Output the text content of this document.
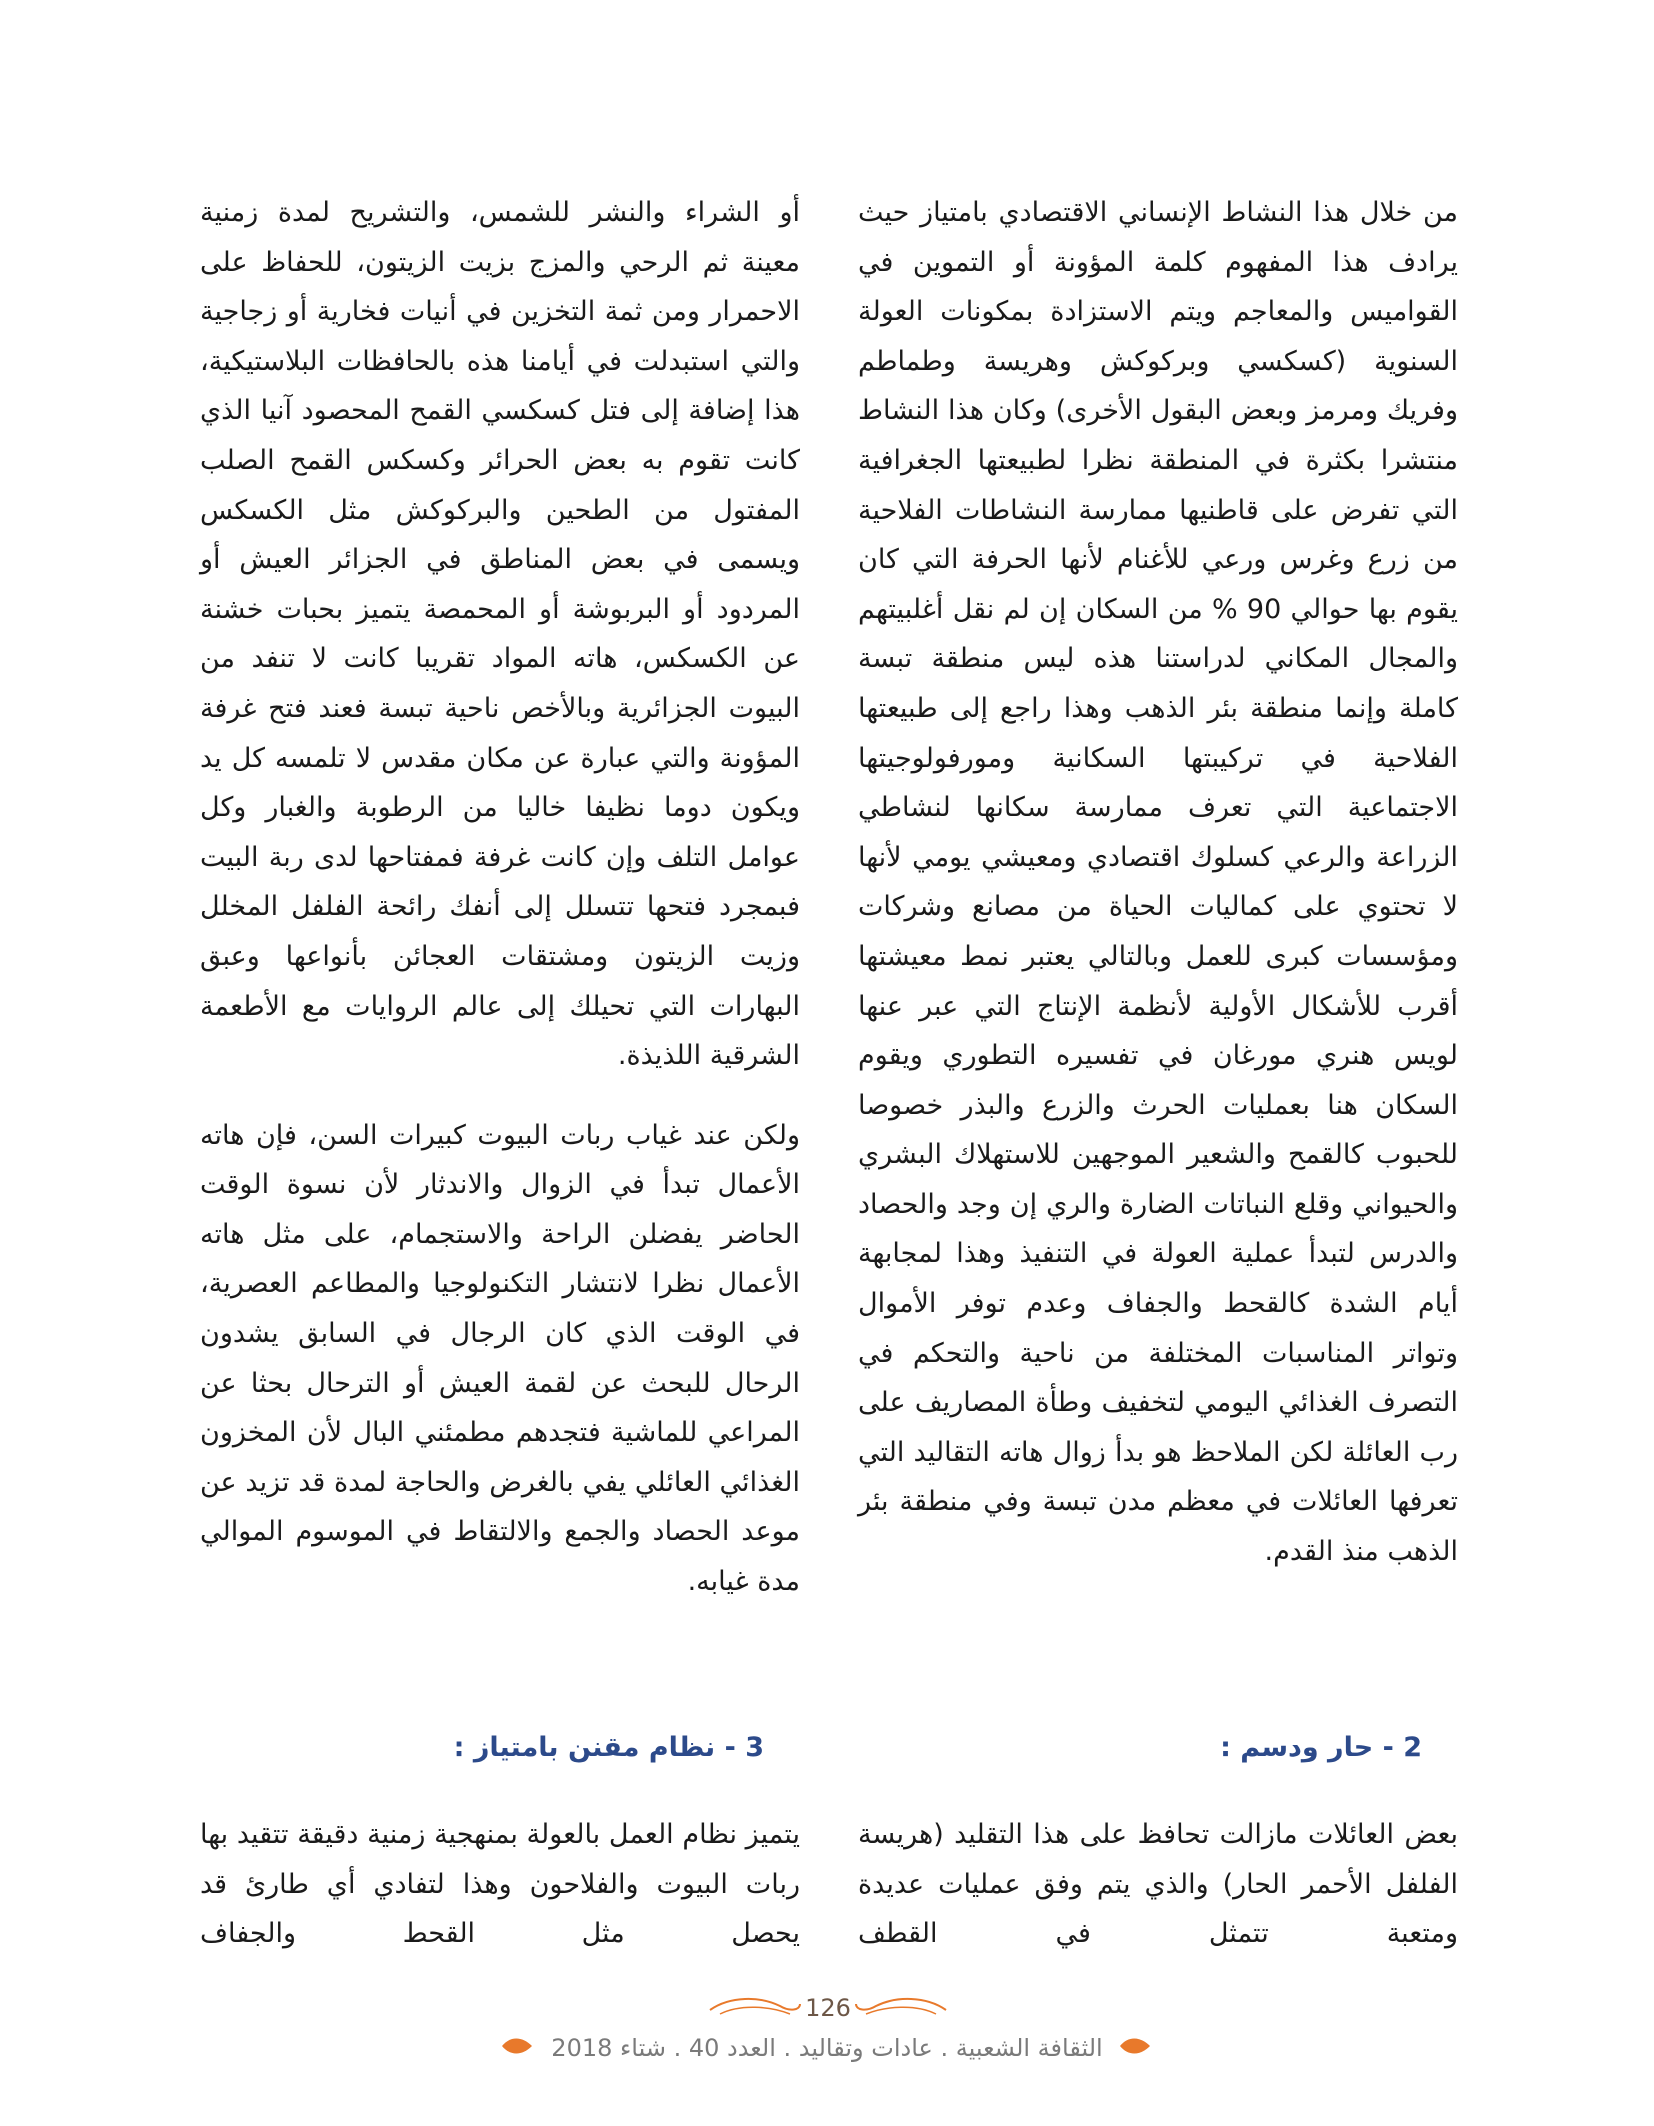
من خلال هذا النشاط الإنساني الاقتصادي بامتياز حيث يرادف هذا المفهوم كلمة المؤونة أو التموين في القواميس والمعاجم ويتم الاستزادة بمكونات العولة السنوية (كسكسي وبركوكش وهريسة وطماطم وفريك ومرمز وبعض البقول الأخرى) وكان هذا النشاط منتشرا بكثرة في المنطقة نظرا لطبيعتها الجغرافية التي تفرض على قاطنيها ممارسة النشاطات الفلاحية من زرع وغرس ورعي للأغنام لأنها الحرفة التي كان يقوم بها حوالي 90 % من السكان إن لم نقل أغلبيتهم والمجال المكاني لدراستنا هذه ليس منطقة تبسة كاملة وإنما منطقة بئر الذهب وهذا راجع إلى طبيعتها الفلاحية في تركيبتها السكانية ومورفولوجيتها الاجتماعية التي تعرف ممارسة سكانها لنشاطي الزراعة والرعي كسلوك اقتصادي ومعيشي يومي لأنها لا تحتوي على كماليات الحياة من مصانع وشركات ومؤسسات كبرى للعمل وبالتالي يعتبر نمط معيشتها أقرب للأشكال الأولية لأنظمة الإنتاج التي عبر عنها لويس هنري مورغان في تفسيره التطوري ويقوم السكان هنا بعمليات الحرث والزرع والبذر خصوصا للحبوب كالقمح والشعير الموجهين للاستهلاك البشري والحيواني وقلع النباتات الضارة والري إن وجد والحصاد والدرس لتبدأ عملية العولة في التنفيذ وهذا لمجابهة أيام الشدة كالقحط والجفاف وعدم توفر الأموال وتواتر المناسبات المختلفة من ناحية والتحكم في التصرف الغذائي اليومي لتخفيف وطأة المصاريف على رب العائلة لكن الملاحظ هو بدأ زوال هاته التقاليد التي تعرفها العائلات في معظم مدن تبسة وفي منطقة بئر الذهب منذ القدم.

أو الشراء والنشر للشمس، والتشريح لمدة زمنية معينة ثم الرحي والمزج بزيت الزيتون، للحفاظ على الاحمرار ومن ثمة التخزين في أنيات فخارية أو زجاجية والتي استبدلت في أيامنا هذه بالحافظات البلاستيكية، هذا إضافة إلى فتل كسكسي القمح المحصود آنيا الذي كانت تقوم به بعض الحرائر وكسكس القمح الصلب المفتول من الطحين والبركوكش مثل الكسكس ويسمى في بعض المناطق في الجزائر العيش أو المردود أو البربوشة أو المحمصة يتميز بحبات خشنة عن الكسكس، هاته المواد تقريبا كانت لا تنفد من البيوت الجزائرية وبالأخص ناحية تبسة فعند فتح غرفة المؤونة والتي عبارة عن مكان مقدس لا تلمسه كل يد ويكون دوما نظيفا خاليا من الرطوبة والغبار وكل عوامل التلف وإن كانت غرفة فمفتاحها لدى ربة البيت فبمجرد فتحها تتسلل إلى أنفك رائحة الفلفل المخلل وزيت الزيتون ومشتقات العجائن بأنواعها وعبق البهارات التي تحيلك إلى عالم الروايات مع الأطعمة الشرقية اللذيذة.

ولكن عند غياب ربات البيوت كبيرات السن، فإن هاته الأعمال تبدأ في الزوال والاندثار لأن نسوة الوقت الحاضر يفضلن الراحة والاستجمام، على مثل هاته الأعمال نظرا لانتشار التكنولوجيا والمطاعم العصرية، في الوقت الذي كان الرجال في السابق يشدون الرحال للبحث عن لقمة العيش أو الترحال بحثا عن المراعي للماشية فتجدهم مطمئني البال لأن المخزون الغذائي العائلي يفي بالغرض والحاجة لمدة قد تزيد عن موعد الحصاد والجمع والالتقاط في الموسوم الموالي مدة غيابه.

2 - حار ودسم :
3 - نظام مقنن بامتياز :

بعض العائلات مازالت تحافظ على هذا التقليد (هريسة الفلفل الأحمر الحار) والذي يتم وفق عمليات عديدة ومتعبة تتمثل في القطف

يتميز نظام العمل بالعولة بمنهجية زمنية دقيقة تتقيد بها ربات البيوت والفلاحون وهذا لتفادي أي طارئ قد يحصل مثل القحط والجفاف

126
الثقافة الشعبية . عادات وتقاليد . العدد 40 . شتاء 2018
